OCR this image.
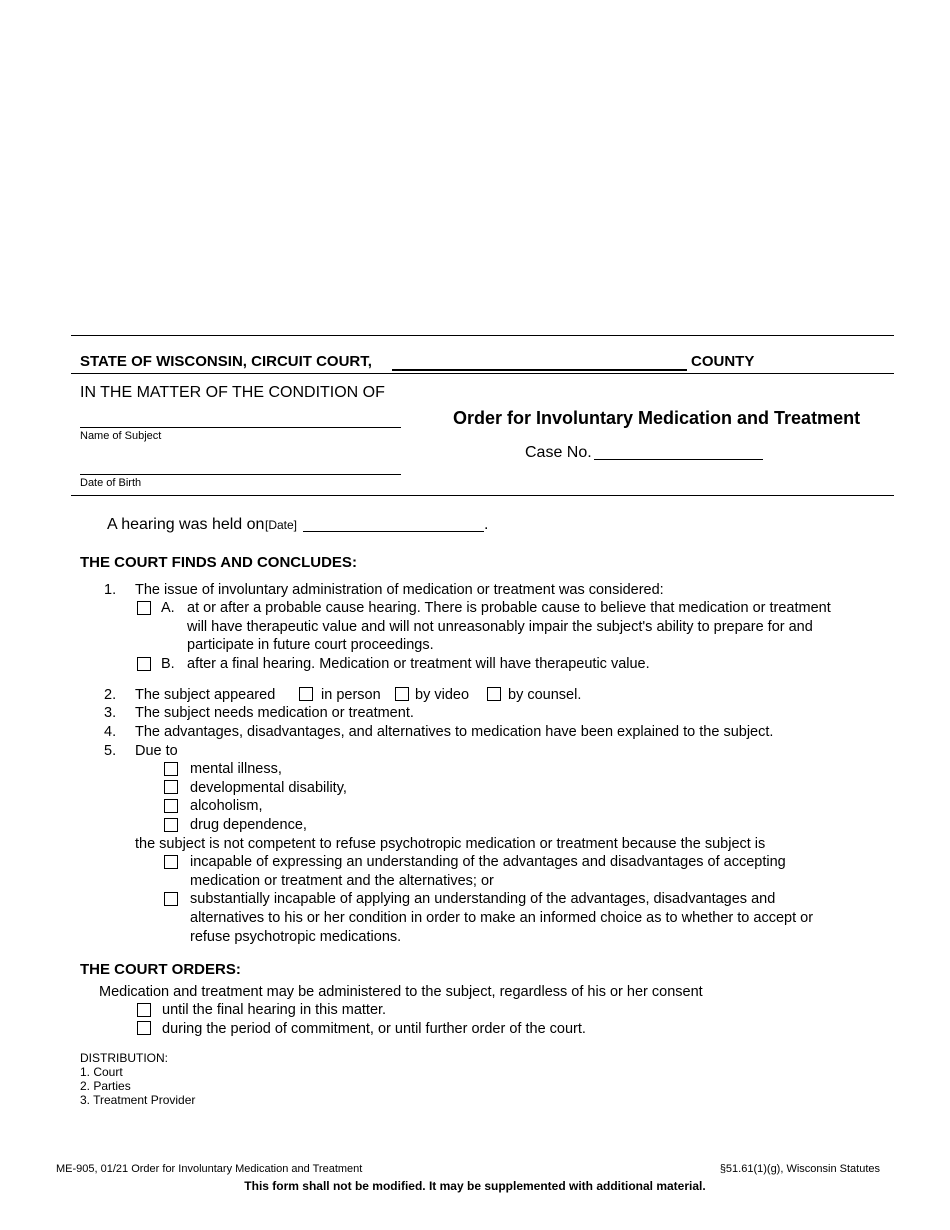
STATE OF WISCONSIN, CIRCUIT COURT,	COUNTY
IN THE MATTER OF THE CONDITION OF
Order for Involuntary Medication and Treatment
Name of Subject
Case No.
Date of Birth
A hearing was held on [Date]	.
THE COURT FINDS AND CONCLUDES:
1. The issue of involuntary administration of medication or treatment was considered:
A. at or after a probable cause hearing. There is probable cause to believe that medication or treatment
will have therapeutic value and will not unreasonably impair the subject's ability to prepare for and
participate in future court proceedings.
B. after a final hearing. Medication or treatment will have therapeutic value.
2. The subject appeared	in person by video	by counsel.
3. The subject needs medication or treatment.
4. The advantages, disadvantages, and alternatives to medication have been explained to the subject.
5. Due to
mental illness,
developmental disability,
alcoholism,
drug dependence,
the subject is not competent to refuse psychotropic medication or treatment because the subject is
incapable of expressing an understanding of the advantages and disadvantages of accepting
medication or treatment and the alternatives; or
substantially incapable of applying an understanding of the advantages, disadvantages and
alternatives to his or her condition in order to make an informed choice as to whether to accept or
refuse psychotropic medications.
THE COURT ORDERS:
Medication and treatment may be administered to the subject, regardless of his or her consent
until the final hearing in this matter.
during the period of commitment, or until further order of the court.
DISTRIBUTION:
1. Court
2. Parties
3. Treatment Provider
ME-905, 01/21 Order for Involuntary Medication and Treatment	§51.61(1)(g), Wisconsin Statutes
This form shall not be modified. It may be supplemented with additional material.
